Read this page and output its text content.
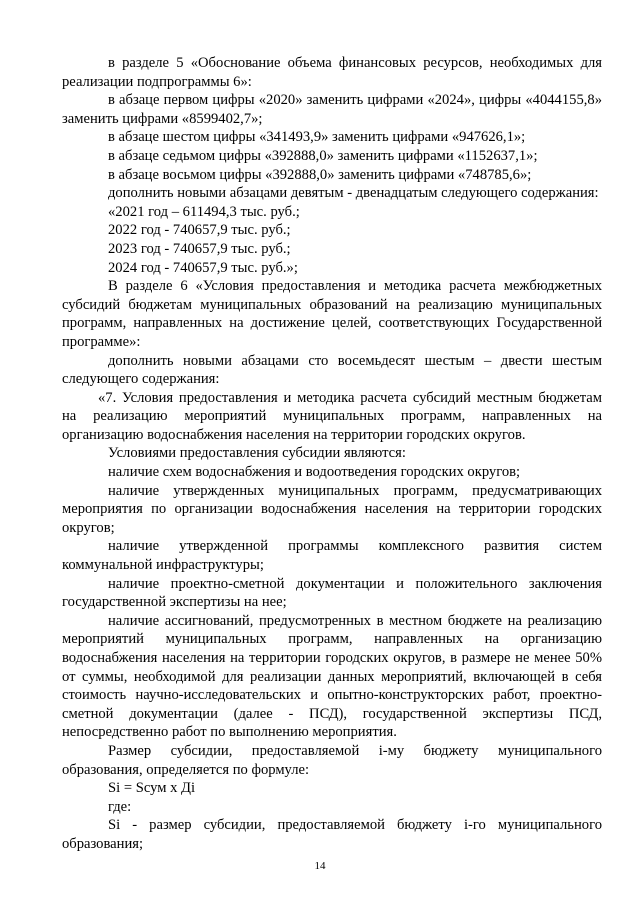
в разделе 5 «Обоснование объема финансовых ресурсов, необходимых для реализации подпрограммы 6»:

в абзаце первом цифры «2020» заменить цифрами «2024», цифры «4044155,8» заменить цифрами «8599402,7»;

в абзаце шестом цифры «341493,9» заменить цифрами «947626,1»;

в абзаце седьмом цифры «392888,0» заменить цифрами «1152637,1»;

в абзаце восьмом цифры «392888,0» заменить цифрами «748785,6»;

дополнить новыми абзацами девятым - двенадцатым следующего содержания:

«2021 год – 611494,3 тыс. руб.;

2022 год - 740657,9 тыс. руб.;

2023 год - 740657,9 тыс. руб.;

2024 год - 740657,9 тыс. руб.»;

В разделе 6 «Условия предоставления и методика расчета межбюджетных субсидий бюджетам муниципальных образований на реализацию муниципальных программ, направленных на достижение целей, соответствующих Государственной программе»:

дополнить новыми абзацами сто восемьдесят шестым – двести шестым следующего содержания:

«7. Условия предоставления и методика расчета субсидий местным бюджетам на реализацию мероприятий муниципальных программ, направленных на организацию водоснабжения населения на территории городских округов.

Условиями предоставления субсидии являются:

наличие схем водоснабжения и водоотведения городских округов;

наличие утвержденных муниципальных программ, предусматривающих мероприятия по организации водоснабжения населения на территории городских округов;

наличие утвержденной программы комплексного развития систем коммунальной инфраструктуры;

наличие проектно-сметной документации и положительного заключения государственной экспертизы на нее;

наличие ассигнований, предусмотренных в местном бюджете на реализацию мероприятий муниципальных программ, направленных на организацию водоснабжения населения на территории городских округов, в размере не менее 50% от суммы, необходимой для реализации данных мероприятий, включающей в себя стоимость научно-исследовательских и опытно-конструкторских работ, проектно-сметной документации (далее - ПСД), государственной экспертизы ПСД, непосредственно работ по выполнению мероприятия.

Размер субсидии, предоставляемой i-му бюджету муниципального образования, определяется по формуле:

Si = Sсум x Дi

где:

Si - размер субсидии, предоставляемой бюджету i-го муниципального образования;

14
